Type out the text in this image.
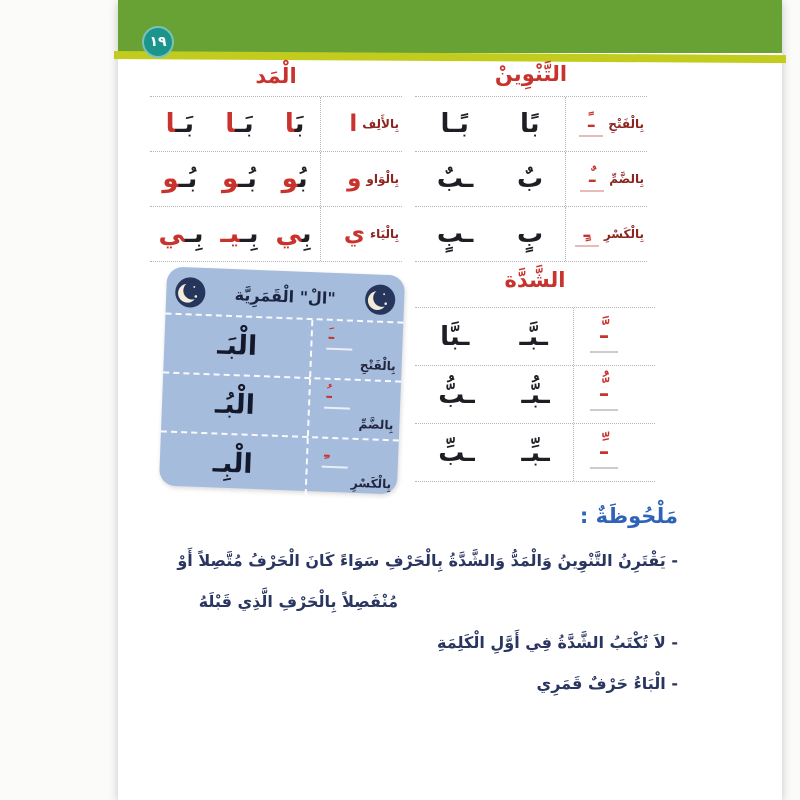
١٩
الْمَد
بِالأَلِف
ا
بَا
بَـا
بَـا
بِالْوَاو
و
بُو
بُـو
بُـو
بِالْيَاء
ي
بِي
بِـيـ
بِـي
التَّنْوِينْ
بِالْفَتْحِ
ـً
بًا
بًـا
بِالضَّمِّ
ـٌ
بٌ
ـبٌ
بِالْكَسْرِ
ـٍ
بٍ
ـبٍ
"الْ" الْقَمَرِيَّة
ـَ
بِالْفَتْحِ
الْبَـ
ـُ
بِالضَّمِّ
الْبُـ
ـِ
بِالْكَسْرِ
الْبِـ
الشَّدَّة
ـَّ
ـبَّـ
ـبَّا
ـُّ
ـبُّـ
ـبُّ
ـِّ
ـبِّـ
ـبِّ
مَلْحُوظَةٌ :
- يَقْتَرِنُ التَّنْوِينُ وَالْمَدُّ وَالشَّدَّةُ بِالْحَرْفِ سَوَاءً كَانَ الْحَرْفُ مُتَّصِلاً أَوْ
مُنْفَصِلاً بِالْحَرْفِ الَّذِي قَبْلَهُ
- لاَ تُكْتَبُ الشَّدَّةُ فِي أَوَّلِ الْكَلِمَةِ
- الْبَاءُ حَرْفٌ قَمَرِي
